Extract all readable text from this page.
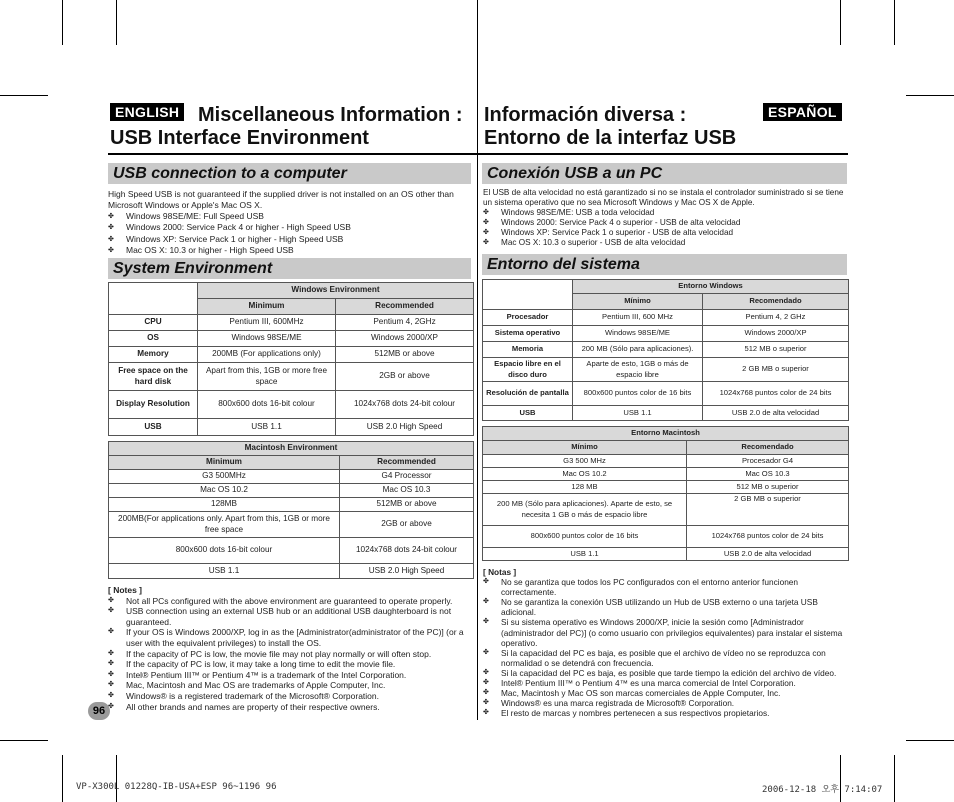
ENGLISH Miscellaneous Information :
USB Interface Environment
Información diversa :
Entorno de la interfaz USB
ESPAÑOL
USB connection to a computer
High Speed USB is not guaranteed if the supplied driver is not installed on an OS other than Microsoft Windows or Apple's Mac OS X.
✤ Windows 98SE/ME: Full Speed USB
✤ Windows 2000: Service Pack 4 or higher - High Speed USB
✤ Windows XP: Service Pack 1 or higher - High Speed USB
✤ Mac OS X: 10.3 or higher - High Speed USB
System Environment
	Windows Environment	
	Minimum	Recommended
CPU	Pentium III, 600MHz	Pentium 4, 2GHz
OS	Windows 98SE/ME	Windows 2000/XP
Memory	200MB (For applications only)	512MB or above
Free space on the hard disk	Apart from this, 1GB or more free space	2GB or above
Display Resolution	800x600 dots 16-bit colour	1024x768 dots 24-bit colour
USB	USB 1.1	USB 2.0 High Speed
Macintosh Environment	
Minimum	Recommended
G3 500MHz	G4 Processor
Mac OS 10.2	Mac OS 10.3
128MB	512MB or above
200MB(For applications only. Apart from this, 1GB or more free space	2GB or above
800x600 dots 16-bit colour	1024x768 dots 24-bit colour
USB 1.1	USB 2.0 High Speed
[ Notes ]
✤ Not all PCs configured with the above environment are guaranteed to operate properly.
✤ USB connection using an external USB hub or an additional USB daughterboard is not guaranteed.
✤ If your OS is Windows 2000/XP, log in as the [Administrator(administrator of the PC)] (or a user with the equivalent privileges) to install the OS.
✤ If the capacity of PC is low, the movie file may not play normally or will often stop.
✤ If the capacity of PC is low, it may take a long time to edit the movie file.
✤ Intel® Pentium III™ or Pentium 4™ is a trademark of the Intel Corporation.
✤ Mac, Macintosh and Mac OS are trademarks of Apple Computer, Inc.
✤ Windows® is a registered trademark of the Microsoft® Corporation.
✤ All other brands and names are property of their respective owners.
Conexión USB a un PC
El USB de alta velocidad no está garantizado si no se instala el controlador suministrado si se tiene un sistema operativo que no sea Microsoft Windows y Mac OS X de Apple.
✤ Windows 98SE/ME: USB a toda velocidad
✤ Windows 2000: Service Pack 4 o superior - USB de alta velocidad
✤ Windows XP: Service Pack 1 o superior - USB de alta velocidad
✤ Mac OS X: 10.3 o superior - USB de alta velocidad
Entorno del sistema
	Entorno Windows	
	Mínimo	Recomendado
Procesador	Pentium III, 600 MHz	Pentium 4, 2 GHz
Sistema operativo	Windows 98SE/ME	Windows 2000/XP
Memoria	200 MB (Sólo para aplicaciones).	512 MB o superior
Espacio libre en el disco duro	Aparte de esto, 1GB o más de espacio libre	2 GB MB o superior
Resolución de pantalla	800x600 puntos color de 16 bits	1024x768 puntos color de 24 bits
USB	USB 1.1	USB 2.0 de alta velocidad
Entorno Macintosh	
Mínimo	Recomendado
G3 500 MHz	Procesador G4
Mac OS 10.2	Mac OS 10.3
128 MB	512 MB o superior
200 MB (Sólo para aplicaciones). Aparte de esto, se necesita 1 GB o más de espacio libre	2 GB MB o superior
800x600 puntos color de 16 bits	1024x768 puntos color de 24 bits
USB 1.1	USB 2.0 de alta velocidad
[ Notas ]
✤ No se garantiza que todos los PC configurados con el entorno anterior funcionen correctamente.
✤ No se garantiza la conexión USB utilizando un Hub de USB externo o una tarjeta USB adicional.
✤ Si su sistema operativo es Windows 2000/XP, inicie la sesión como [Administrador (administrador del PC)] (o como usuario con privilegios equivalentes) para instalar el sistema operativo.
✤ Si la capacidad del PC es baja, es posible que el archivo de vídeo no se reproduzca con normalidad o se detendrá con frecuencia.
✤ Si la capacidad del PC es baja, es posible que tarde tiempo la edición del archivo de vídeo.
✤ Intel® Pentium III™ o Pentium 4™ es una marca comercial de Intel Corporation.
✤ Mac, Macintosh y Mac OS son marcas comerciales de Apple Computer, Inc.
✤ Windows® es una marca registrada de Microsoft® Corporation.
✤ El resto de marcas y nombres pertenecen a sus respectivos propietarios.
96
VP-X300L 01228Q-IB-USA+ESP 96~1196 96	2006-12-18 오후 7:14:07
